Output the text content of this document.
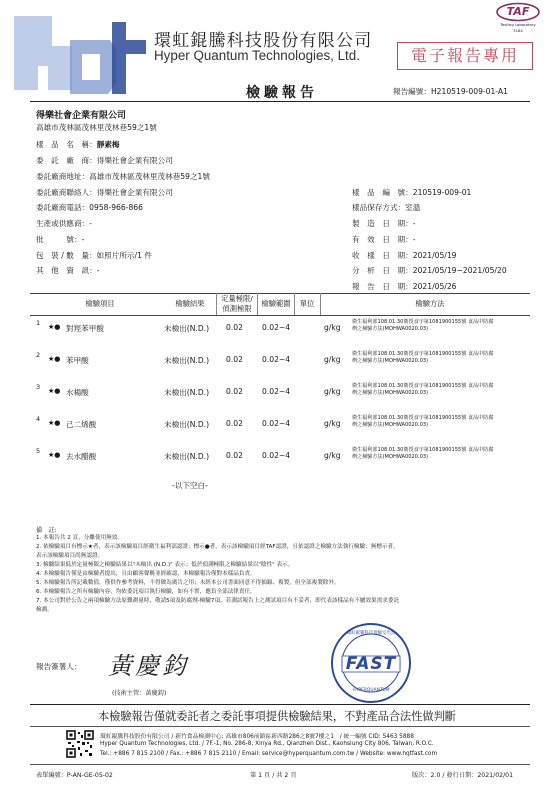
環虹錕騰科技股份有限公司
Hyper Quantum Technologies, Ltd.
TAF
Testing Laboratory
3184
電子報告專用
檢驗報告	報告編號：H210519-009-01-A1
得樂社會企業有限公司
高雄市茂林區茂林里茂林巷59之1號
樣　品　名　稱：靜素梅
委　託　廠　商：得樂社會企業有限公司
委託廠商地址：高雄市茂林區茂林里茂林巷59之1號
委託廠商聯絡人：得樂社會企業有限公司
委託廠商電話：0958-966-866
生產或供應商：-
批　　　號：-
包　裝 / 數　量：如照片所示/1 件
其　他　資　訊：-
樣　品　編　號：210519-009-01
樣品保存方式：室溫
製　造　日　期：-
有　效　日　期：-
收　樣　日　期：2021/05/19
分　析　日　期：2021/05/19~2021/05/20
報　告　日　期：2021/05/26
檢驗項目	檢驗結果
定量極限/
偵測極限
檢驗範圍	單位	檢驗方法
1 ★● 對羥苯甲酸	未檢出(N.D.) 0.02	0.02~4	g/kg
衛生福利部108.01.30衛授食字第1081900155號 食品中防腐
劑之檢驗方法(MOHWA0020.03)
2 ★● 苯甲酸	未檢出(N.D.) 0.02	0.02~4	g/kg
衛生福利部108.01.30衛授食字第1081900155號 食品中防腐
劑之檢驗方法(MOHWA0020.03)
3 ★● 水楊酸	未檢出(N.D.) 0.02	0.02~4	g/kg
衛生福利部108.01.30衛授食字第1081900155號 食品中防腐
劑之檢驗方法(MOHWA0020.03)
4 ★● 己二烯酸	未檢出(N.D.) 0.02	0.02~4	g/kg
衛生福利部108.01.30衛授食字第1081900155號 食品中防腐
劑之檢驗方法(MOHWA0020.03)
5 ★● 去水醋酸	未檢出(N.D.) 0.02	0.02~4	g/kg
衛生福利部108.01.30衛授食字第1081900155號 食品中防腐
劑之檢驗方法(MOHWA0020.03)
-以下空白-
備　註:
1. 本報告共 2 頁，分離使用無效。
2. 依檢驗項目有標示★者，表示該檢驗項目經衛生福利部認證；標示●者，表示該檢驗項目經TAF認證，且依認證之檢驗方法執行檢驗；無標示者，
表示該檢驗項目尚無認證。
3. 檢驗結果低於定量極限之檢驗結果以"未檢出 (N.D.)" 表示；低於偵測極限之檢驗結果以"陰性" 表示。
4. 本檢驗報告僅是由檢驗者提出，且由顧客聲稱並經確認，本檢驗報告僅對本樣品負責。
5. 本檢驗報告所記載數值，僅供作參考資料，不得做為廣告之用；未經本公司書面同意不得抽錄、複製，但全部複製除外。
6. 本檢驗報告之所有檢驗內容，均依委託項目執行檢驗，如有不實，應負全部法律責任。
7. 本公司對於公告之兩項檢驗方法原難測量時，敬請5項及防腐劑-檢驗7項，若測試報告上之測試項目有不妥者，即代表該樣品有不屬效果需求委託
檢測。
報告簽署人： 黃慶鈞
(技術主管：黃慶鈞)
環虹錕騰科技實驗室出具
FAST
HYPERQUANTUM
本檢驗報告僅就委託者之委託事項提供檢驗結果，不對產品合法性做判斷
環虹錕騰科技股份有限公司 / 新竹食品檢測中心: 高雄市806前鎮區新西路286之8號7樓之1　/ 統一編號 CID: 5463 5888
Hyper Quantum Technologies, Ltd. / 7F.-1, No. 286-8, Xinya Rd., Qianzhen Dist., Kaohsiung City 806, Taiwan, R.O.C.
Tel.: +886 7 815 2100 / Fax.: +886 7 815 2110 / Email: service@hyperquantum.com.tw / Website: www.hqtfast.com
表單編號：P-AN-GE-05-02	第 1 頁 / 共 2 頁	版次：2.0 / 發行日期：2021/02/01
